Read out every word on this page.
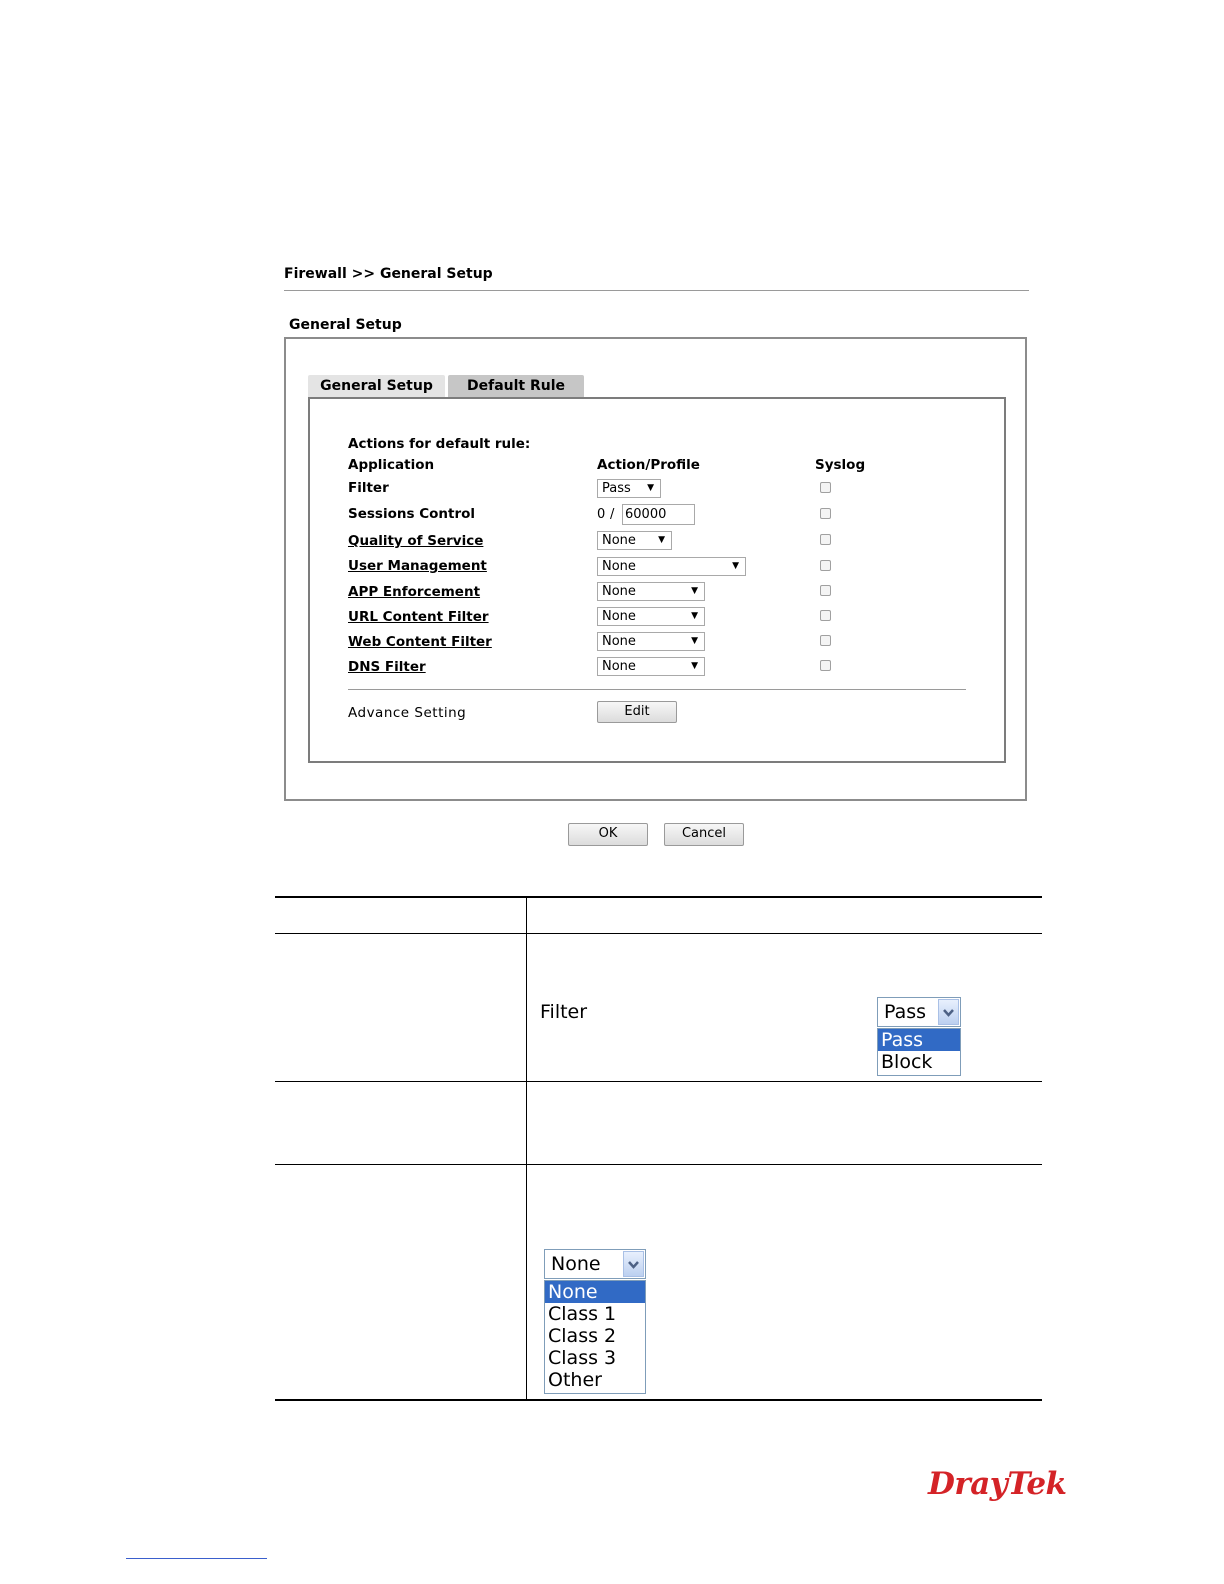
Firewall >> General Setup
General Setup
General Setup	Default Rule
Actions for default rule:
Application	Action/Profile	Syslog
Filter	Pass ▼
Sessions Control	0 / 60000
Quality of Service	None ▼
User Management	None	▼
APP Enforcement	None	▼
URL Content Filter	None	▼
Web Content Filter	None	▼
DNS Filter	None	▼
Advance Setting	Edit
OK	Cancel
Filter	Pass
Pass
Block
None
None
Class 1
Class 2
Class 3
Other
DrayTek
